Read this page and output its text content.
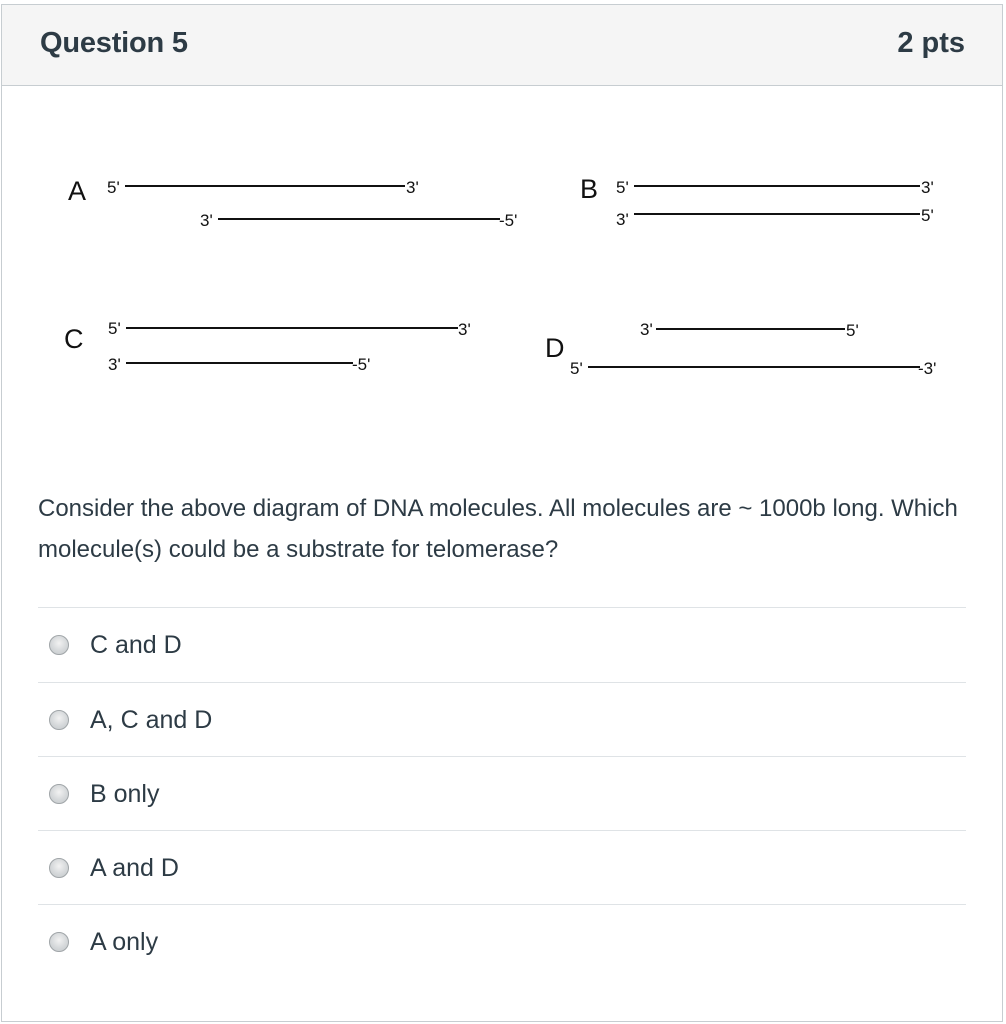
Question 5	2 pts
A 5'	3'
3'	-5'
B 5'	3'
3'	5'
C 5'	3'
3'	-5'
D
3'	5'
5'	-3'
Consider the above diagram of DNA molecules. All molecules are ~ 1000b long. Which molecule(s) could be a substrate for telomerase?
C and D
A, C and D
B only
A and D
A only
